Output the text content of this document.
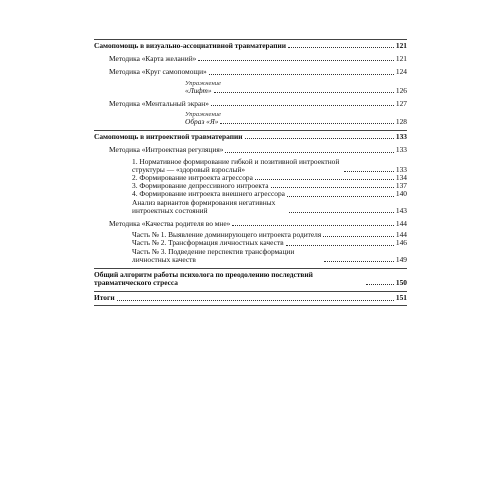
Самопомощь в визуально-ассоциативной травматерапии	121
Методика «Карта желаний»	121
Методика «Круг самопомощи»	124
Упражнение
«Лифт»	126
Методика «Ментальный экран»	127
Упражнение
Образ «Я»	128
Самопомощь в интроектной травматерапии	133
Методика «Интроектная регуляция»	133
1. Нормативное формирование гибкой и позитивной интроектной структуры — «здоровый взрослый»	133
2. Формирование интроекта агрессора	134
3. Формирование депрессивного интроекта	137
4. Формирование интроекта внешнего агрессора	140
Анализ вариантов формирования негативных интроектных состояний	143
Методика «Качества родителя во мне»	144
Часть № 1. Выявление доминирующего интроекта родителя	144
Часть № 2. Трансформация личностных качеств	146
Часть № 3. Подведение перспектив трансформации личностных качеств	149
Общий алгоритм работы психолога по преодолению последствий травматического стресса	150
Итоги	151
